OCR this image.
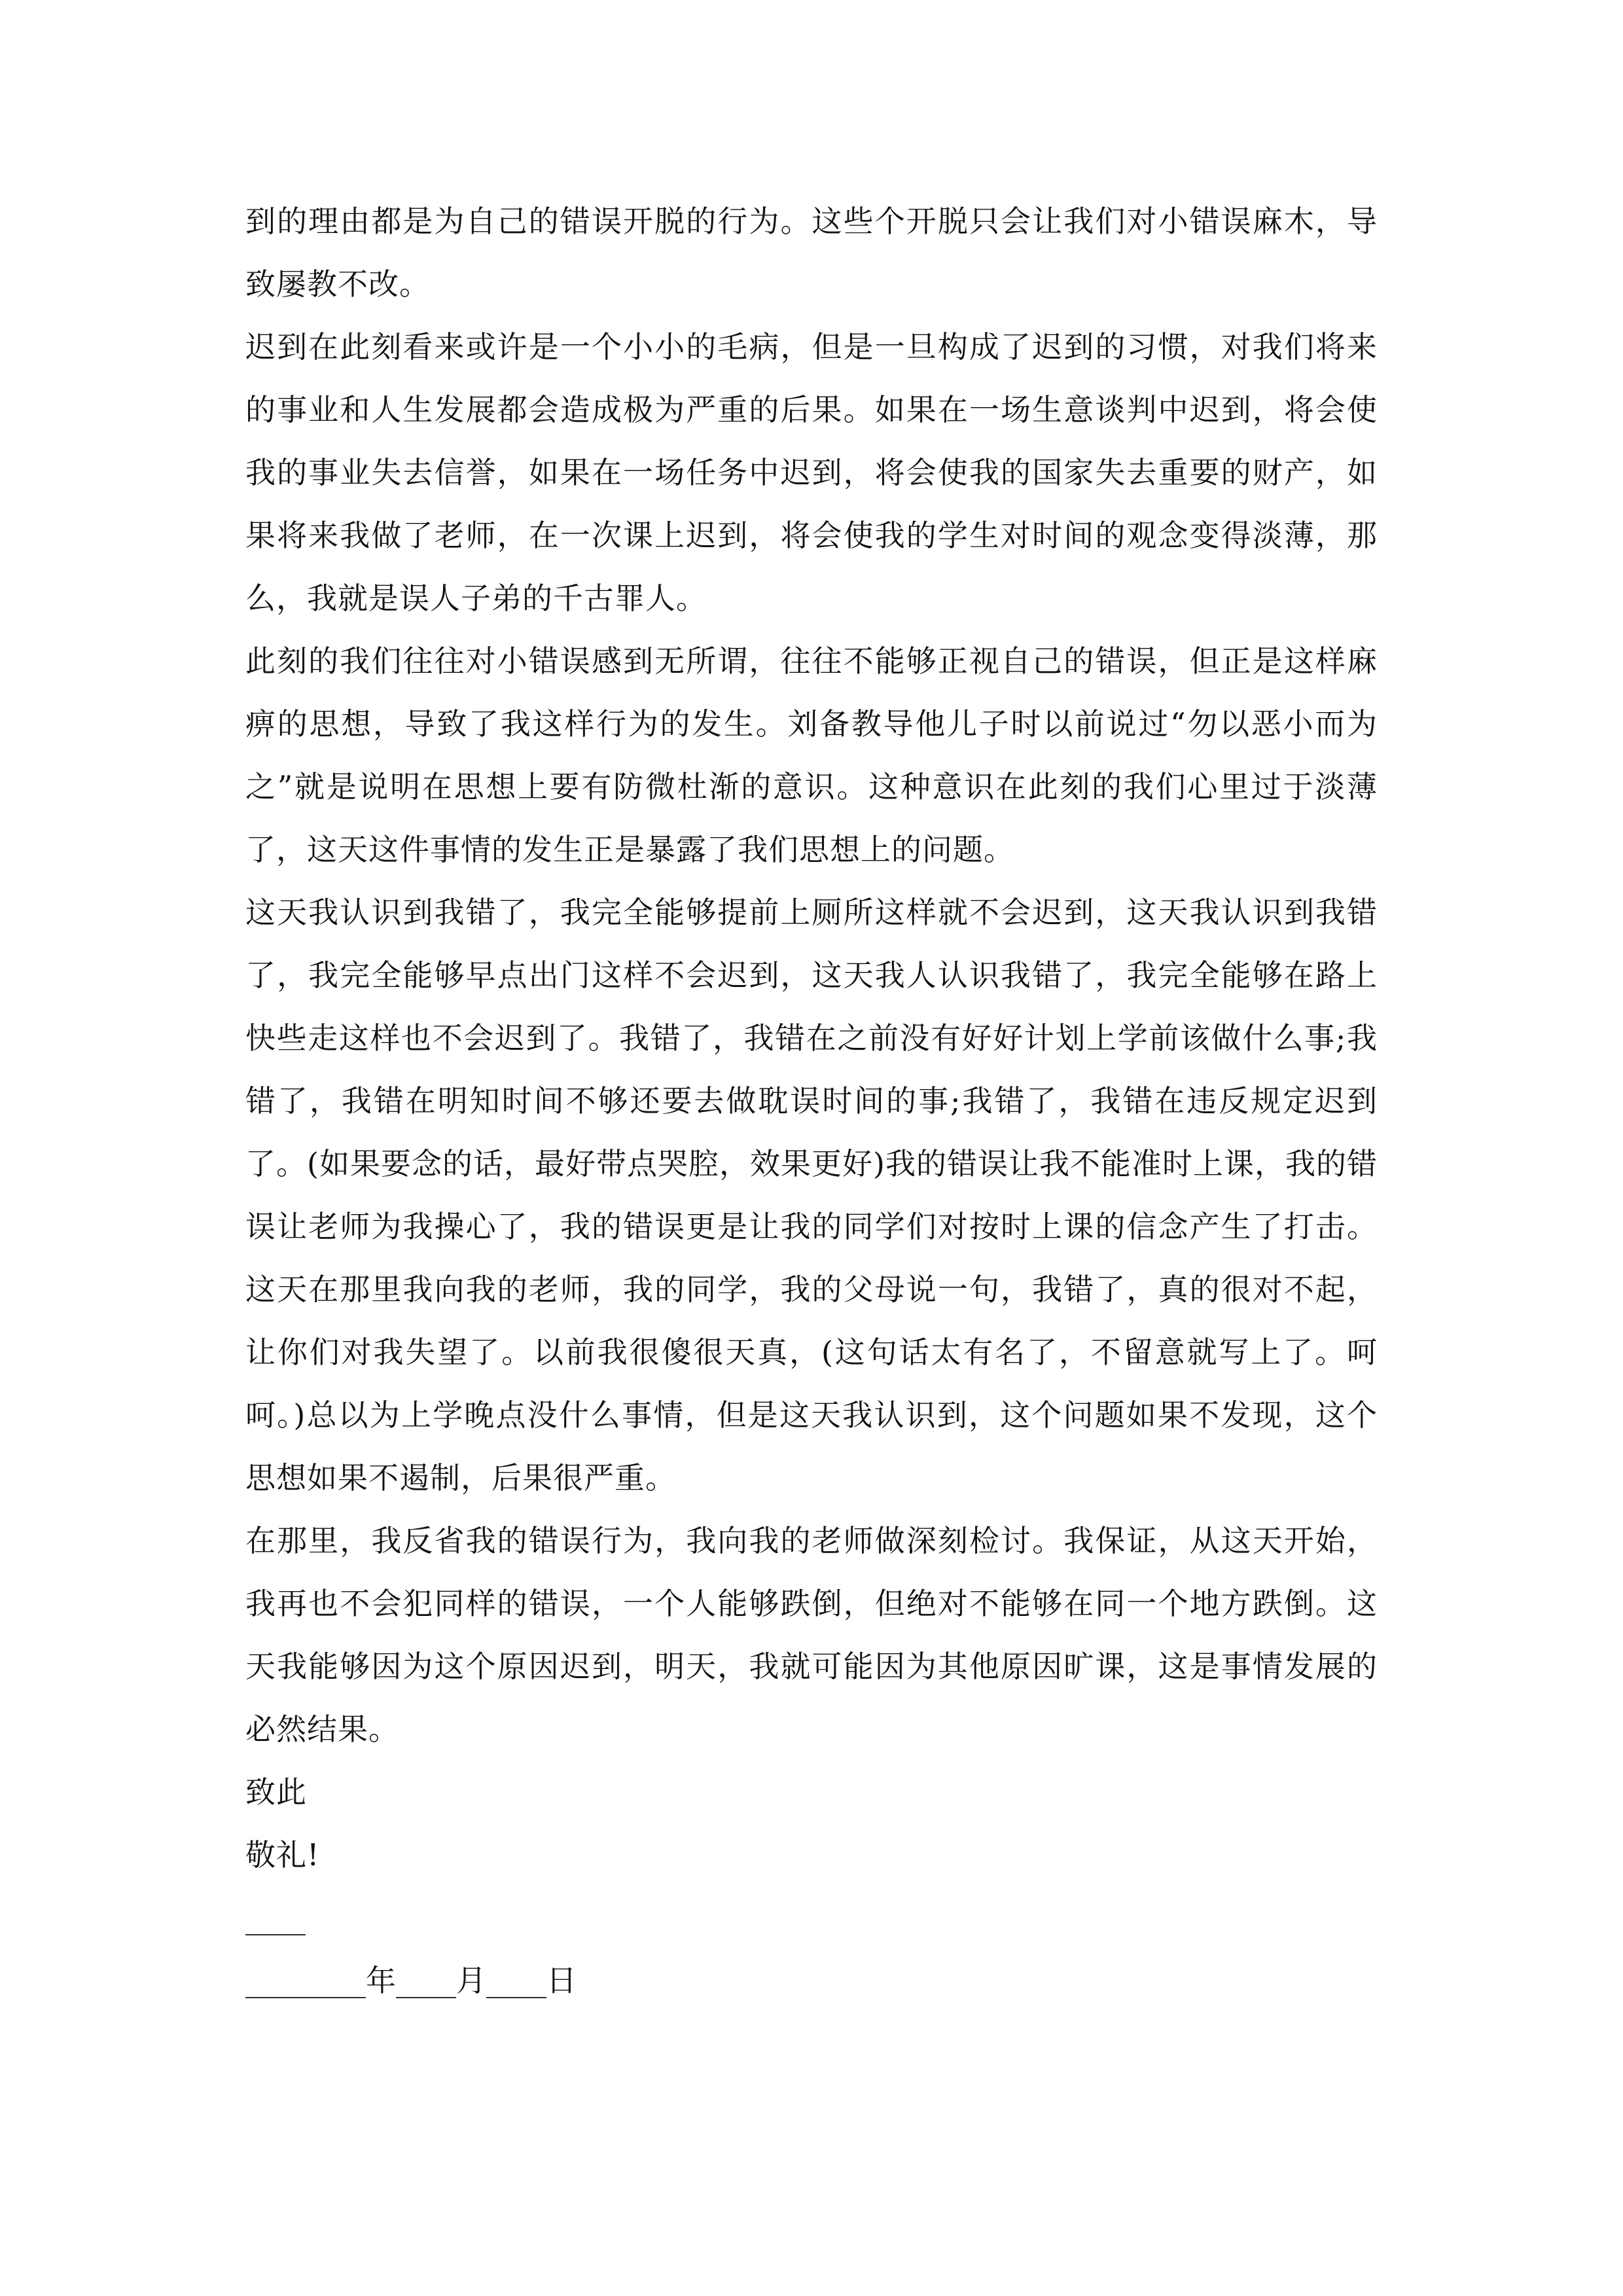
到的理由都是为自己的错误开脱的行为。这些个开脱只会让我们对小错误麻木，导致屡教不改。

迟到在此刻看来或许是一个小小的毛病，但是一旦构成了迟到的习惯，对我们将来的事业和人生发展都会造成极为严重的后果。如果在一场生意谈判中迟到，将会使我的事业失去信誉，如果在一场任务中迟到，将会使我的国家失去重要的财产，如果将来我做了老师，在一次课上迟到，将会使我的学生对时间的观念变得淡薄，那么，我就是误人子弟的千古罪人。

此刻的我们往往对小错误感到无所谓，往往不能够正视自己的错误，但正是这样麻痹的思想，导致了我这样行为的发生。刘备教导他儿子时以前说过“勿以恶小而为之”就是说明在思想上要有防微杜渐的意识。这种意识在此刻的我们心里过于淡薄了，这天这件事情的发生正是暴露了我们思想上的问题。

这天我认识到我错了，我完全能够提前上厕所这样就不会迟到，这天我认识到我错了，我完全能够早点出门这样不会迟到，这天我人认识我错了，我完全能够在路上快些走这样也不会迟到了。我错了，我错在之前没有好好计划上学前该做什么事;我错了，我错在明知时间不够还要去做耽误时间的事;我错了，我错在违反规定迟到了。(如果要念的话，最好带点哭腔，效果更好)我的错误让我不能准时上课，我的错误让老师为我操心了，我的错误更是让我的同学们对按时上课的信念产生了打击。这天在那里我向我的老师，我的同学，我的父母说一句，我错了，真的很对不起，让你们对我失望了。以前我很傻很天真，(这句话太有名了，不留意就写上了。呵呵。)总以为上学晚点没什么事情，但是这天我认识到，这个问题如果不发现，这个思想如果不遏制，后果很严重。

在那里，我反省我的错误行为，我向我的老师做深刻检讨。我保证，从这天开始，我再也不会犯同样的错误，一个人能够跌倒，但绝对不能够在同一个地方跌倒。这天我能够因为这个原因迟到，明天，我就可能因为其他原因旷课，这是事情发展的必然结果。

致此

敬礼!

____

________年____月____日
